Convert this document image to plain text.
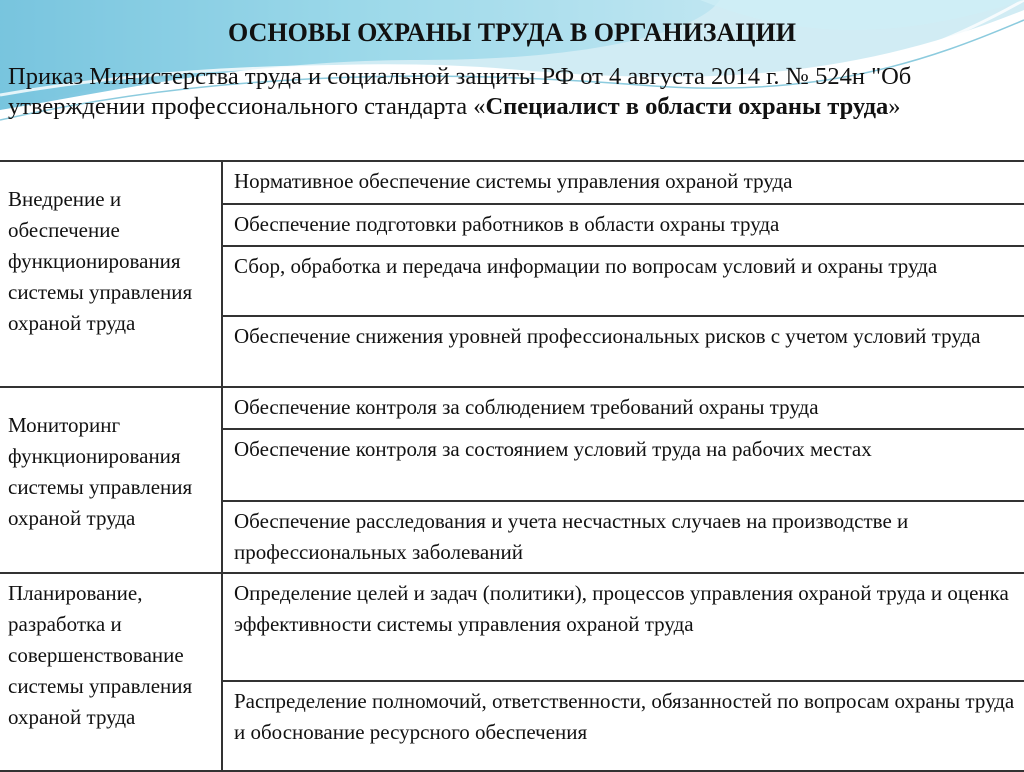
ОСНОВЫ ОХРАНЫ ТРУДА В ОРГАНИЗАЦИИ
Приказ Министерства труда и социальной защиты РФ от 4 августа 2014 г. № 524н "Об утверждении профессионального стандарта «Специалист в области охраны труда»
Внедрение и обеспечение функционирования системы управления охраной труда	Нормативное обеспечение системы управления охраной труда
	Обеспечение подготовки работников в области охраны труда
	Сбор, обработка и передача информации по вопросам условий и охраны труда
	Обеспечение снижения уровней профессиональных рисков с учетом условий труда
Мониторинг функционирования системы управления охраной труда	Обеспечение контроля за соблюдением требований охраны труда
	Обеспечение контроля за состоянием условий труда на рабочих местах
	Обеспечение расследования и учета несчастных случаев на производстве и профессиональных заболеваний
Планирование, разработка и совершенствование системы управления охраной труда	Определение целей и задач (политики), процессов управления охраной труда и оценка эффективности системы управления охраной труда
	Распределение полномочий, ответственности, обязанностей по вопросам охраны труда и обоснование ресурсного обеспечения
